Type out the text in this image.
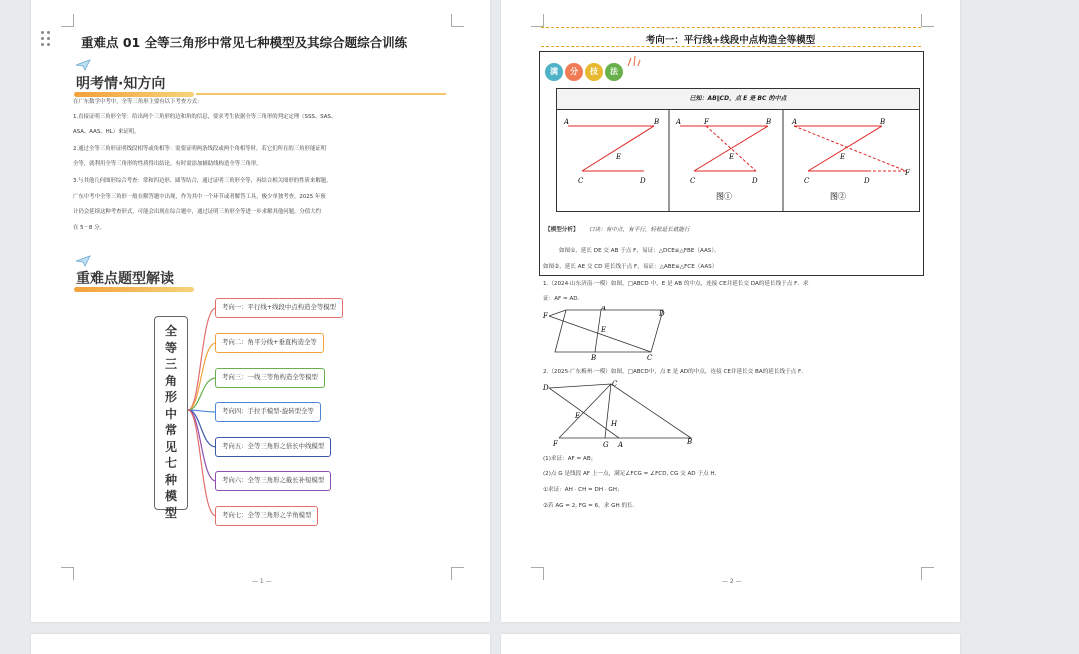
重难点 01 全等三角形中常见七种模型及其综合题综合训练
明考情·知方向
在广东数学中考中，全等三角形主要有以下考查方式：
1.直接证明三角形全等：给出两个三角形的边和角的信息，要求考生依据全等三角形的判定定理（SSS、SAS、
ASA、AAS、HL）来证明。
2.通过全等三角形证明线段相等或角相等：需要证明两条线段或两个角相等时，若它们所在的三角形能证明
全等，就利用全等三角形的性质得出结论，有时需添加辅助线构造全等三角形。
3.与其他几何图形综合考查：常和四边形、圆等结合，通过证明三角形全等，再结合相关图形的性质来解题。
广东中考中全等三角形一般在解答题中出现，作为其中一个环节或者解答工具，极少单独考查。2025 年预
计仍会延续这种考查形式，可能会出现在综合题中，通过证明三角形全等进一步求解其他问题，分值大约
在 5－8 分。
重难点题型解读
全
等
三
角
形
中
常
见
七
种
模
型
考向一：平行线+线段中点构造全等模型
考向二：角平分线+垂直构造全等
考向三：一线三等角构造全等模型
考向四：手拉手模型-旋转型全等
考向五：全等三角形之倍长中线模型
考向六：全等三角形之截长补短模型
考向七：全等三角形之半角模型
— 1 —
考向一：平行线+线段中点构造全等模型
满	分	技	法
已知：AB∥CD，点 E 是 BC 的中点
A	B
C	D
E
A	F	B
C	D
E
图①
A	B
C	D
E
F
图②
【模型分析】 口诀：有中点，有平行，轻松延长就能行
如图①，延长 DE 交 AB 于点 F，易证：△DCE≌△FBE（AAS）。
如图②，延长 AE 交 CD 延长线于点 F，易证：△ABE≌△FCE（AAS）
1.（2024·山东济南·一模）如图，□ABCD 中，E 是 AB 的中点，连接 CE并延长交 DA的延长线于点 F．求
证：AF = AD．
F
A
D
E
B	C
2.（2025·广东梅州·一模）如图，□ABCD中，点 E 是 AD的中点，连接 CE并延长交 BA的延长线于点 F．
D	C
E
H
F	G A	B
(1)求证：AF = AB；
(2)点 G 是线段 AF 上一点，满足∠FCG = ∠FCD, CG 交 AD 于点 H．
①求证：AH · CH = DH · GH；
②若 AG = 2, FG = 6，求 GH 的长．
— 2 —
